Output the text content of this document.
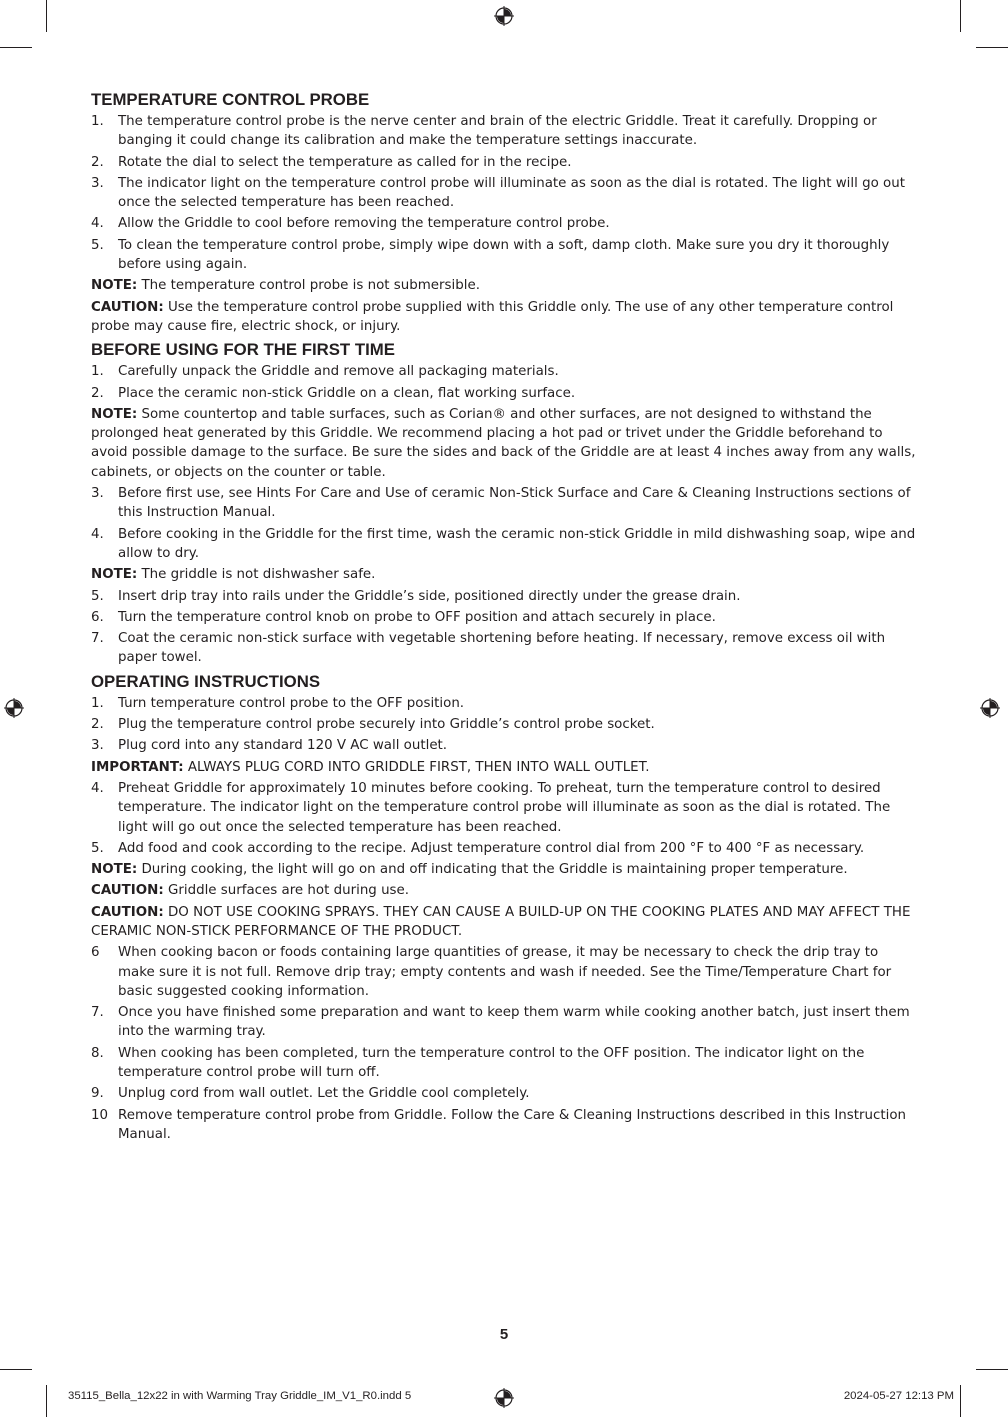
TEMPERATURE CONTROL PROBE
1. The temperature control probe is the nerve center and brain of the electric Griddle. Treat it carefully. Dropping or banging it could change its calibration and make the temperature settings inaccurate.
2. Rotate the dial to select the temperature as called for in the recipe.
3. The indicator light on the temperature control probe will illuminate as soon as the dial is rotated. The light will go out once the selected temperature has been reached.
4. Allow the Griddle to cool before removing the temperature control probe.
5. To clean the temperature control probe, simply wipe down with a soft, damp cloth. Make sure you dry it thoroughly before using again.
NOTE: The temperature control probe is not submersible.
CAUTION: Use the temperature control probe supplied with this Griddle only. The use of any other temperature control probe may cause fire, electric shock, or injury.
BEFORE USING FOR THE FIRST TIME
1. Carefully unpack the Griddle and remove all packaging materials.
2. Place the ceramic non-stick Griddle on a clean, flat working surface.
NOTE: Some countertop and table surfaces, such as Corian® and other surfaces, are not designed to withstand the prolonged heat generated by this Griddle. We recommend placing a hot pad or trivet under the Griddle beforehand to avoid possible damage to the surface. Be sure the sides and back of the Griddle are at least 4 inches away from any walls, cabinets, or objects on the counter or table.
3. Before first use, see Hints For Care and Use of ceramic Non-Stick Surface and Care & Cleaning Instructions sections of this Instruction Manual.
4. Before cooking in the Griddle for the first time, wash the ceramic non-stick Griddle in mild dishwashing soap, wipe and allow to dry.
NOTE: The griddle is not dishwasher safe.
5. Insert drip tray into rails under the Griddle’s side, positioned directly under the grease drain.
6. Turn the temperature control knob on probe to OFF position and attach securely in place.
7. Coat the ceramic non-stick surface with vegetable shortening before heating. If necessary, remove excess oil with paper towel.
OPERATING INSTRUCTIONS
1. Turn temperature control probe to the OFF position.
2. Plug the temperature control probe securely into Griddle’s control probe socket.
3. Plug cord into any standard 120 V AC wall outlet.
IMPORTANT: ALWAYS PLUG CORD INTO GRIDDLE FIRST, THEN INTO WALL OUTLET.
4. Preheat Griddle for approximately 10 minutes before cooking. To preheat, turn the temperature control to desired temperature. The indicator light on the temperature control probe will illuminate as soon as the dial is rotated. The light will go out once the selected temperature has been reached.
5. Add food and cook according to the recipe. Adjust temperature control dial from 200 °F to 400 °F as necessary.
NOTE: During cooking, the light will go on and off indicating that the Griddle is maintaining proper temperature.
CAUTION: Griddle surfaces are hot during use.
CAUTION: DO NOT USE COOKING SPRAYS. THEY CAN CAUSE A BUILD-UP ON THE COOKING PLATES AND MAY AFFECT THE CERAMIC NON-STICK PERFORMANCE OF THE PRODUCT.
6 When cooking bacon or foods containing large quantities of grease, it may be necessary to check the drip tray to make sure it is not full. Remove drip tray; empty contents and wash if needed. See the Time/Temperature Chart for basic suggested cooking information.
7. Once you have finished some preparation and want to keep them warm while cooking another batch, just insert them into the warming tray.
8. When cooking has been completed, turn the temperature control to the OFF position. The indicator light on the temperature control probe will turn off.
9. Unplug cord from wall outlet. Let the Griddle cool completely.
10 Remove temperature control probe from Griddle. Follow the Care & Cleaning Instructions described in this Instruction Manual.
5
35115_Bella_12x22 in with Warming Tray Griddle_IM_V1_R0.indd 5	2024-05-27 12:13 PM
